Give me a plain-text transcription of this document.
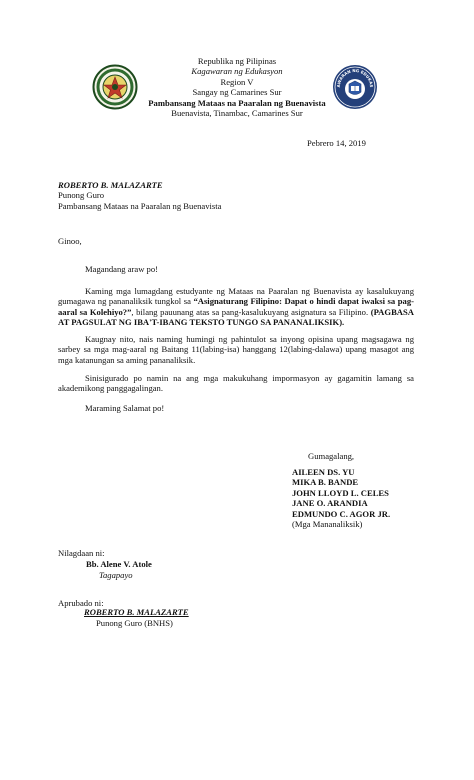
AWARAN NG EDUKAS
Republika ng Pilipinas
Kagawaran ng Edukasyon
Region V
Sangay ng Camarines Sur
Pambansang Mataas na Paaralan ng Buenavista
Buenavista, Tinambac, Camarines Sur
Pebrero 14, 2019
ROBERTO B. MALAZARTE
Punong Guro
Pambansang Mataas na Paaralan ng Buenavista
Ginoo,
Magandang araw po!
Kaming mga lumagdang estudyante ng Mataas na Paaralan ng Buenavista ay kasalukuyang gumagawa ng pananaliksik tungkol sa “Asignaturang Filipino: Dapat o hindi dapat iwaksi sa pag-aaral sa Kolehiyo?”, bilang pauunang atas sa pang-kasalukuyang asignatura sa Filipino. (PAGBASA AT PAGSULAT NG IBA'T-IBANG TEKSTO TUNGO SA PANANALIKSIK).
Kaugnay nito, nais naming humingi ng pahintulot sa inyong opisina upang magsagawa ng sarbey sa mga mag-aaral ng Baitang 11(labing-isa) hanggang 12(labing-dalawa) upang masagot ang mga katanungan sa aming pananaliksik.
Sinisigurado po namin na ang mga makukuhang impormasyon ay gagamitin lamang sa akademikong panggagalingan.
Maraming Salamat po!
Gumagalang,
AILEEN DS. YU
MIKA B. BANDE
JOHN LLOYD L. CELES
JANE O. ARANDIA
EDMUNDO C. AGOR JR.
(Mga Mananaliksik)
Nilagdaan ni:
Bb. Alene V. Atole
Tagapayo
Aprubado ni:
ROBERTO B. MALAZARTE
Punong Guro (BNHS)
